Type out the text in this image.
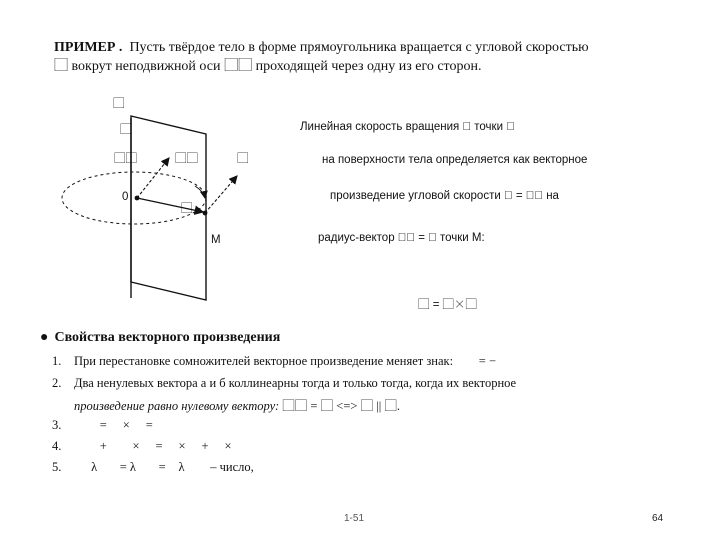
ПРИМЕР . Пусть твёрдое тело в форме прямоугольника вращается с угловой скоростью
⃞ вокрут неподвижной оси	проходящей через одну из его сторон.
⃞
⃞
⃞⃞	⃞⃞	⃞
0
⃞
M
Линейная скорость вращения точки
на поверхности тела определяется как векторное
произведение угловой скорости = на
радиус-вектор = точки М:
⃞ = ⃞×⃞
● Свойства векторного произведения
1. При перестановке сомножителей векторное произведение меняет знак: ⃞⃞ = −⃞⃞
2. Два ненулевых вектора а и б коллинеарны тогда и только тогда, когда их векторное
произведение равно нулевому вектору: ⃞⃞ = ⃞ <=> ⃞ || ⃞.
3.	⃞⃞ = ⃞ × ⃞ = ⃞ ⃞
4.	⃞⃞ + ⃞⃞ × ⃞ = ⃞ × ⃞ + ⃞ × ⃞
5. λ⃞⃞ = λ⃞⃞ = ⃞λ⃞ ⃞ – число,
1-51	64
